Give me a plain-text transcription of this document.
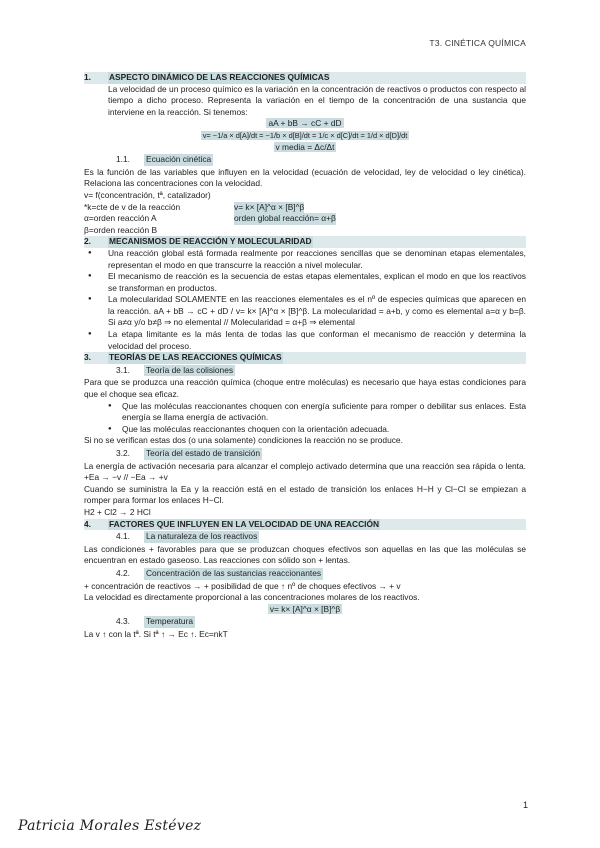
T3. CINÉTICA QUÍMICA
1.	ASPECTO DINÁMICO DE LAS REACCIONES QUÍMICAS

La velocidad de un proceso químico es la variación en la concentración de reactivos o productos con respecto al tiempo a dicho proceso. Representa la variación en el tiempo de la concentración de una sustancia que interviene en la reacción. Si tenemos:

aA + bB → cC + dD
v= −1/a × d[A]/dt = −1/b × d[B]/dt = 1/c × d[C]/dt = 1/d × d[D]/dt
v media = Δc/Δt
1.1.	Ecuación cinética

Es la función de las variables que influyen en la velocidad (ecuación de velocidad, ley de velocidad o ley cinética). Relaciona las concentraciones con la velocidad.

v= f(concentración, tª, catalizador)

*k=cte de v de la reacción	v= k× [A]^α × [B]^β
α=orden reacción A	orden global reacción= α+β
β=orden reacción B
2.	MECANISMOS DE REACCIÓN Y MOLECULARIDAD
● Una reacción global está formada realmente por reacciones sencillas que se denominan etapas elementales, representan el modo en que transcurre la reacción a nivel molecular.
● El mecanismo de reacción es la secuencia de estas etapas elementales, explican el modo en que los reactivos se transforman en productos.
● La molecularidad SOLAMENTE en las reacciones elementales es el nº de especies químicas que aparecen en la reacción. aA + bB → cC + dD / v= k× [A]^α × [B]^β. La molecularidad = a+b, y como es elemental a=α y b=β. Si a≠α y/o b≠β ⇒ no elemental // Molecularidad = α+β ⇒ elemental
● La etapa limitante es la más lenta de todas las que conforman el mecanismo de reacción y determina la velocidad del proceso.
3.	TEORÍAS DE LAS REACCIONES QUÍMICAS
3.1.	Teoría de las colisiones

Para que se produzca una reacción química (choque entre moléculas) es necesario que haya estas condiciones para que el choque sea eficaz.

● Que las moléculas reaccionantes choquen con energía suficiente para romper o debilitar sus enlaces. Esta energía se llama energía de activación.
● Que las moléculas reaccionantes choquen con la orientación adecuada.

Si no se verifican estas dos (o una solamente) condiciones la reacción no se produce.

3.2.	Teoría del estado de transición

La energía de activación necesaria para alcanzar el complejo activado determina que una reacción sea rápida o lenta. +Ea → −v // −Ea → +v

Cuando se suministra la Ea y la reacción está en el estado de transición los enlaces H−H y Cl−Cl se empiezan a romper para formar los enlaces H−Cl.

H2 + Cl2 → 2 HCl

4.	FACTORES QUE INFLUYEN EN LA VELOCIDAD DE UNA REACCIÓN
4.1.	La naturaleza de los reactivos

Las condiciones + favorables para que se produzcan choques efectivos son aquellas en las que las moléculas se encuentran en estado gaseoso. Las reacciones con sólido son + lentas.

4.2.	Concentración de las sustancias reaccionantes

+ concentración de reactivos → + posibilidad de que ↑ nº de choques efectivos → + v

La velocidad es directamente proporcional a las concentraciones molares de los reactivos.

v= k× [A]^α × [B]^β
4.3.	Temperatura

La v ↑ con la tª. Si tª ↑ → Ec ↑. Ec=nkT

1
Patricia Morales Estévez
